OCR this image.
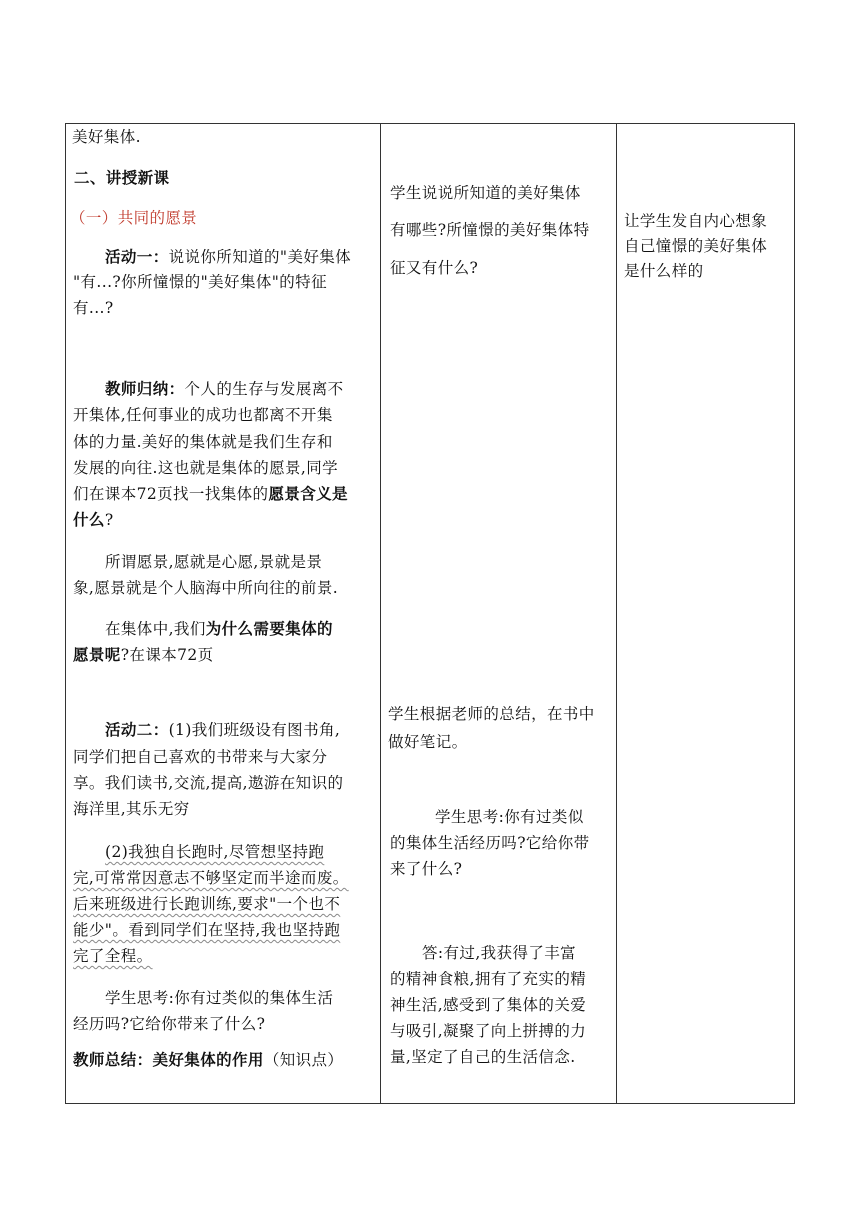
美好集体.

二、讲授新课

（一）共同的愿景

活动一：说说你所知道的"美好集体

"有...?你所憧憬的"美好集体"的特征

有...?

教师归纳：个人的生存与发展离不

开集体,任何事业的成功也都离不开集

体的力量.美好的集体就是我们生存和

发展的向往.这也就是集体的愿景,同学

们在课本72页找一找集体的愿景含义是

什么?

所谓愿景,愿就是心愿,景就是景

象,愿景就是个人脑海中所向往的前景.

在集体中,我们为什么需要集体的

愿景呢?在课本72页

活动二：(1)我们班级设有图书角,

同学们把自己喜欢的书带来与大家分

享。我们读书,交流,提高,遨游在知识的

海洋里,其乐无穷

(2)我独自长跑时,尽管想坚持跑

完,可常常因意志不够坚定而半途而废。

后来班级进行长跑训练,要求"一个也不

能少"。看到同学们在坚持,我也坚持跑

完了全程。

学生思考:你有过类似的集体生活

经历吗?它给你带来了什么?

教师总结：美好集体的作用（知识点）

学生说说所知道的美好集体

有哪些?所憧憬的美好集体特

征又有什么?

学生根据老师的总结，在书中

做好笔记。

学生思考:你有过类似

的集体生活经历吗?它给你带

来了什么?

答:有过,我获得了丰富

的精神食粮,拥有了充实的精

神生活,感受到了集体的关爱

与吸引,凝聚了向上拼搏的力

量,坚定了自己的生活信念.

让学生发自内心想象

自己憧憬的美好集体

是什么样的
